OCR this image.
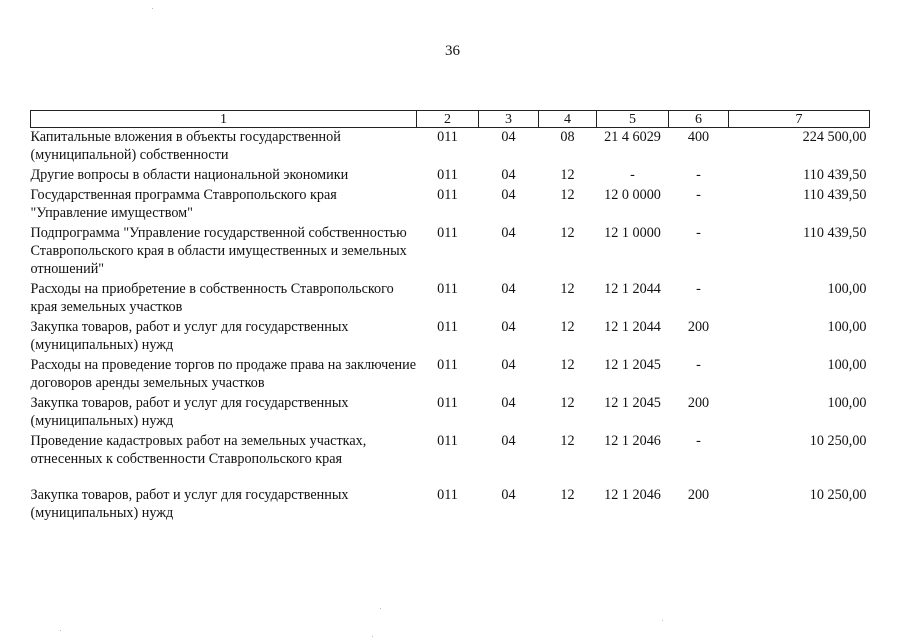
36
1	2	3	4	5	6	7
Капитальные вложения в объекты государственной (муниципальной) собственности	011	04	08	21 4 6029	400	224 500,00
Другие вопросы в области национальной экономики	011	04	12	-	-	110 439,50
Государственная программа Ставропольского края "Управление имуществом"	011	04	12	12 0 0000	-	110 439,50
Подпрограмма "Управление государственной собственностью Ставропольского края в области имущественных и земельных отношений"	011	04	12	12 1 0000	-	110 439,50
Расходы на приобретение в собственность Ставропольского края земельных участков	011	04	12	12 1 2044	-	100,00
Закупка товаров, работ и услуг для государственных (муниципальных) нужд	011	04	12	12 1 2044	200	100,00
Расходы на проведение торгов по продаже права на заключение договоров аренды земельных участков	011	04	12	12 1 2045	-	100,00
Закупка товаров, работ и услуг для государственных (муниципальных) нужд	011	04	12	12 1 2045	200	100,00
Проведение кадастровых работ на земельных участках, отнесенных к собственности Ставропольского края	011	04	12	12 1 2046	-	10 250,00

Закупка товаров, работ и услуг для государственных (муниципальных) нужд	011	04	12	12 1 2046	200	10 250,00
